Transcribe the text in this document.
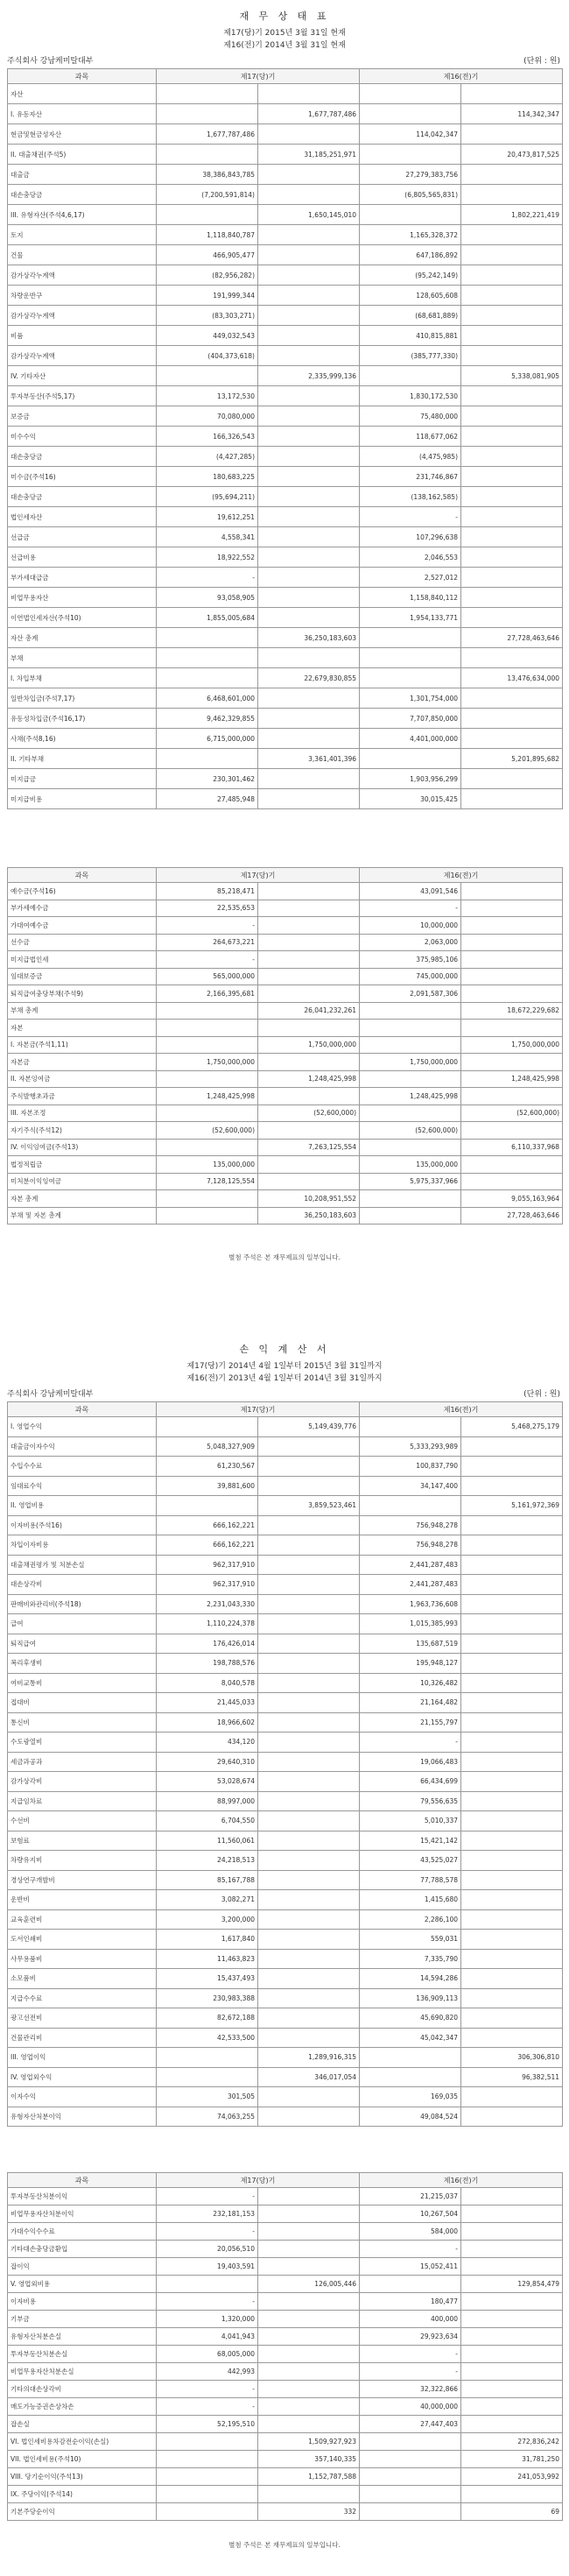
재 무 상 태 표
제17(당)기 2015년 3월 31일 현재
제16(전)기 2014년 3월 31일 현재
주식회사 강남케미탈대부	(단위 : 원)
과목	제17(당)기		제16(전)기	
자산				
I. 유동자산		1,677,787,486		114,342,347
현금및현금성자산	1,677,787,486		114,042,347	
II. 대출채권(주석5)		31,185,251,971		20,473,817,525
대출금	38,386,843,785		27,279,383,756	
대손충당금	(7,200,591,814)		(6,805,565,831)	
III. 유형자산(주석4,6,17)		1,650,145,010		1,802,221,419
토지	1,118,840,787		1,165,328,372	
건물	466,905,477		647,186,892	
감가상각누계액	(82,956,282)		(95,242,149)	
차량운반구	191,999,344		128,605,608	
감가상각누계액	(83,303,271)		(68,681,889)	
비품	449,032,543		410,815,881	
감가상각누계액	(404,373,618)		(385,777,330)	
IV. 기타자산		2,335,999,136		5,338,081,905
투자부동산(주석5,17)	13,172,530		1,830,172,530	
보증금	70,080,000		75,480,000	
미수수익	166,326,543		118,677,062	
대손충당금	(4,427,285)		(4,475,985)	
미수금(주석16)	180,683,225		231,746,867	
대손충당금	(95,694,211)		(138,162,585)	
법인세자산	19,612,251		-	
선급금	4,558,341		107,296,638	
선급비용	18,922,552		2,046,553	
부가세대급금	-		2,527,012	
비업무용자산	93,058,905		1,158,840,112	
이연법인세자산(주석10)	1,855,005,684		1,954,133,771	
자산 총계		36,250,183,603		27,728,463,646
부채				
I. 차입부채		22,679,830,855		13,476,634,000
일반차입금(주석7,17)	6,468,601,000		1,301,754,000	
유동성차입금(주석16,17)	9,462,329,855		7,707,850,000	
사채(주석8,16)	6,715,000,000		4,401,000,000	
II. 기타부채		3,361,401,396		5,201,895,682
미지급금	230,301,462		1,903,956,299	
미지급비용	27,485,948		30,015,425	
과목	제17(당)기		제16(전)기	
예수금(주석16)	85,218,471		43,091,546	
부가세예수금	22,535,653		-	
가대여예수금	-		10,000,000	
선수금	264,673,221		2,063,000	
미지급법인세	-		375,985,106	
임대보증금	565,000,000		745,000,000	
퇴직급여충당부채(주석9)	2,166,395,681		2,091,587,306	
부채 총계		26,041,232,261		18,672,229,682
자본				
I. 자본금(주석1,11)		1,750,000,000		1,750,000,000
자본금	1,750,000,000		1,750,000,000	
II. 자본잉여금		1,248,425,998		1,248,425,998
주식발행초과금	1,248,425,998		1,248,425,998	
III. 자본조정		(52,600,000)		(52,600,000)
자기주식(주석12)	(52,600,000)		(52,600,000)	
IV. 이익잉여금(주석13)		7,263,125,554		6,110,337,968
법정적립금	135,000,000		135,000,000	
미처분이익잉여금	7,128,125,554		5,975,337,966	
자본 총계		10,208,951,552		9,055,163,964
부채 및 자본 총계		36,250,183,603		27,728,463,646
별첨 주석은 본 재무제표의 일부입니다.
손 익 계 산 서
제17(당)기 2014년 4월 1일부터 2015년 3월 31일까지
제16(전)기 2013년 4월 1일부터 2014년 3월 31일까지
주식회사 강남케미탈대부	(단위 : 원)
과목	제17(당)기		제16(전)기	
I. 영업수익		5,149,439,776		5,468,275,179
대출금이자수익	5,048,327,909		5,333,293,989	
수입수수료	61,230,567		100,837,790	
임대료수익	39,881,600		34,147,400	
II. 영업비용		3,859,523,461		5,161,972,369
이자비용(주석16)	666,162,221		756,948,278	
차입이자비용	666,162,221		756,948,278	
대출채권평가 및 처분손실	962,317,910		2,441,287,483	
대손상각비	962,317,910		2,441,287,483	
판매비와관리비(주석18)	2,231,043,330		1,963,736,608	
급여	1,110,224,378		1,015,385,993	
퇴직급여	176,426,014		135,687,519	
복리후생비	198,788,576		195,948,127	
여비교통비	8,040,578		10,326,482	
접대비	21,445,033		21,164,482	
통신비	18,966,602		21,155,797	
수도광열비	434,120		-	
세금과공과	29,640,310		19,066,483	
감가상각비	53,028,674		66,434,699	
지급임차료	88,997,000		79,556,635	
수선비	6,704,550		5,010,337	
보험료	11,560,061		15,421,142	
차량유지비	24,218,513		43,525,027	
경상연구개발비	85,167,788		77,788,578	
운반비	3,082,271		1,415,680	
교육훈련비	3,200,000		2,286,100	
도서인쇄비	1,617,840		559,031	
사무용품비	11,463,823		7,335,790	
소모품비	15,437,493		14,594,286	
지급수수료	230,983,388		136,909,113	
광고선전비	82,672,188		45,690,820	
건물관리비	42,533,500		45,042,347	
III. 영업이익		1,289,916,315		306,306,810
IV. 영업외수익		346,017,054		96,382,511
이자수익	301,505		169,035	
유형자산처분이익	74,063,255		49,084,524	
과목	제17(당)기		제16(전)기	
투자부동산처분이익	-		21,215,037	
비업무용자산처분이익	232,181,153		10,267,504	
가대수익수수료	-		584,000	
기타대손충당금환입	20,056,510		-	
잡이익	19,403,591		15,052,411	
V. 영업외비용		126,005,446		129,854,479
이자비용	-		180,477	
기부금	1,320,000		400,000	
유형자산처분손실	4,041,943		29,923,634	
투자부동산처분손실	68,005,000		-	
비업무용자산처분손실	442,993		-	
기타의대손상각비	-		32,322,866	
매도가능증권손상차손	-		40,000,000	
잡손실	52,195,510		27,447,403	
VI. 법인세비용차감전순이익(손실)		1,509,927,923		272,836,242
VII. 법인세비용(주석10)		357,140,335		31,781,250
VIII. 당기순이익(주석13)		1,152,787,588		241,053,992
IX. 주당이익(주석14)				
기본주당순이익		332		69
별첨 주석은 본 재무제표의 일부입니다.
